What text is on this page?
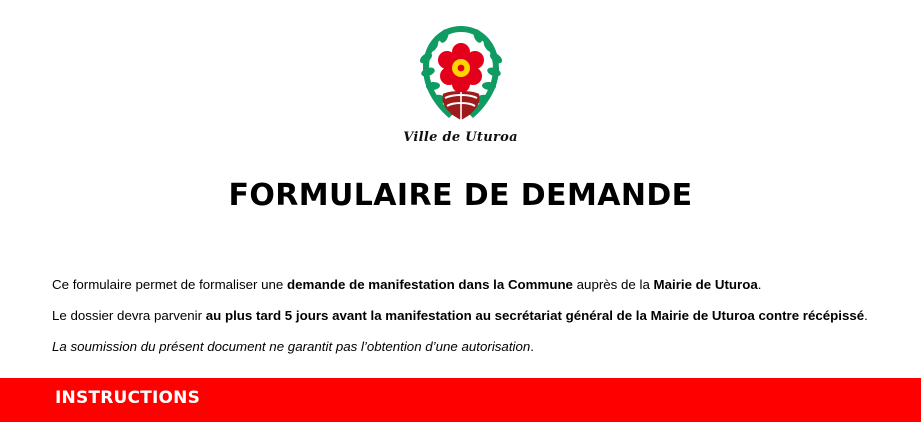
Ville de Uturoa
FORMULAIRE DE DEMANDE

Ce formulaire permet de formaliser une demande de manifestation dans la Commune auprès de la Mairie de Uturoa.

Le dossier devra parvenir au plus tard 5 jours avant la manifestation au secrétariat général de la Mairie de Uturoa contre récépissé.

La soumission du présent document ne garantit pas l’obtention d’une autorisation.

INSTRUCTIONS
